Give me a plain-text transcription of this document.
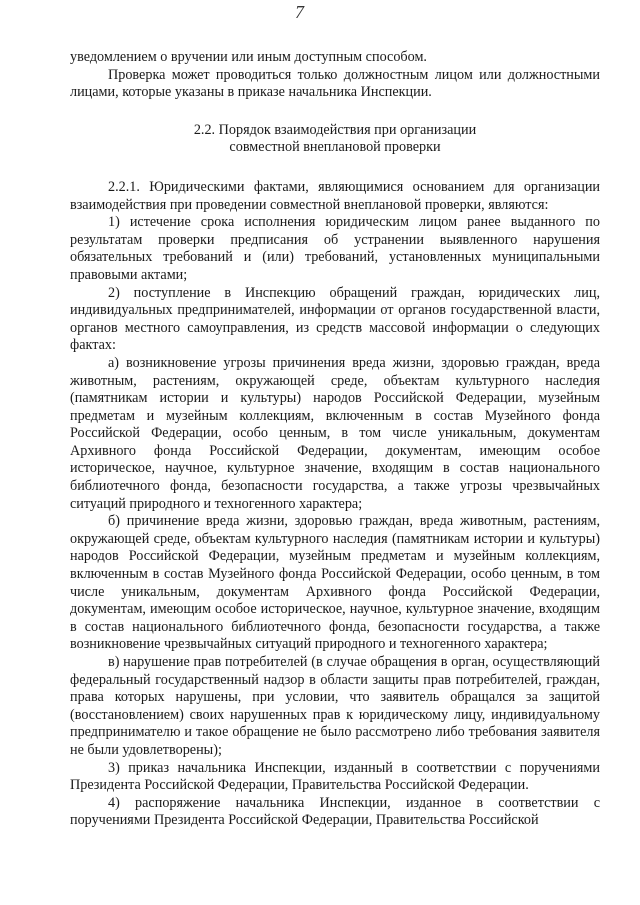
7

уведомлением о вручении или иным доступным способом.

Проверка может проводиться только должностным лицом или должностными лицами, которые указаны в приказе начальника Инспекции.

2.2. Порядок взаимодействия при организации
совместной внеплановой проверки

2.2.1. Юридическими фактами, являющимися основанием для организации взаимодействия при проведении совместной внеплановой проверки, являются:

1) истечение срока исполнения юридическим лицом ранее выданного по результатам проверки предписания об устранении выявленного нарушения обязательных требований и (или) требований, установленных муниципальными правовыми актами;

2) поступление в Инспекцию обращений граждан, юридических лиц, индивидуальных предпринимателей, информации от органов государственной власти, органов местного самоуправления, из средств массовой информации о следующих фактах:

а) возникновение угрозы причинения вреда жизни, здоровью граждан, вреда животным, растениям, окружающей среде, объектам культурного наследия (памятникам истории и культуры) народов Российской Федерации, музейным предметам и музейным коллекциям, включенным в состав Музейного фонда Российской Федерации, особо ценным, в том числе уникальным, документам Архивного фонда Российской Федерации, документам, имеющим особое историческое, научное, культурное значение, входящим в состав национального библиотечного фонда, безопасности государства, а также угрозы чрезвычайных ситуаций природного и техногенного характера;

б) причинение вреда жизни, здоровью граждан, вреда животным, растениям, окружающей среде, объектам культурного наследия (памятникам истории и культуры) народов Российской Федерации, музейным предметам и музейным коллекциям, включенным в состав Музейного фонда Российской Федерации, особо ценным, в том числе уникальным, документам Архивного фонда Российской Федерации, документам, имеющим особое историческое, научное, культурное значение, входящим в состав национального библиотечного фонда, безопасности государства, а также возникновение чрезвычайных ситуаций природного и техногенного характера;

в) нарушение прав потребителей (в случае обращения в орган, осуществляющий федеральный государственный надзор в области защиты прав потребителей, граждан, права которых нарушены, при условии, что заявитель обращался за защитой (восстановлением) своих нарушенных прав к юридическому лицу, индивидуальному предпринимателю и такое обращение не было рассмотрено либо требования заявителя не были удовлетворены);

3) приказ начальника Инспекции, изданный в соответствии с поручениями Президента Российской Федерации, Правительства Российской Федерации.

4) распоряжение начальника Инспекции, изданное в соответствии с поручениями Президента Российской Федерации, Правительства Российской
